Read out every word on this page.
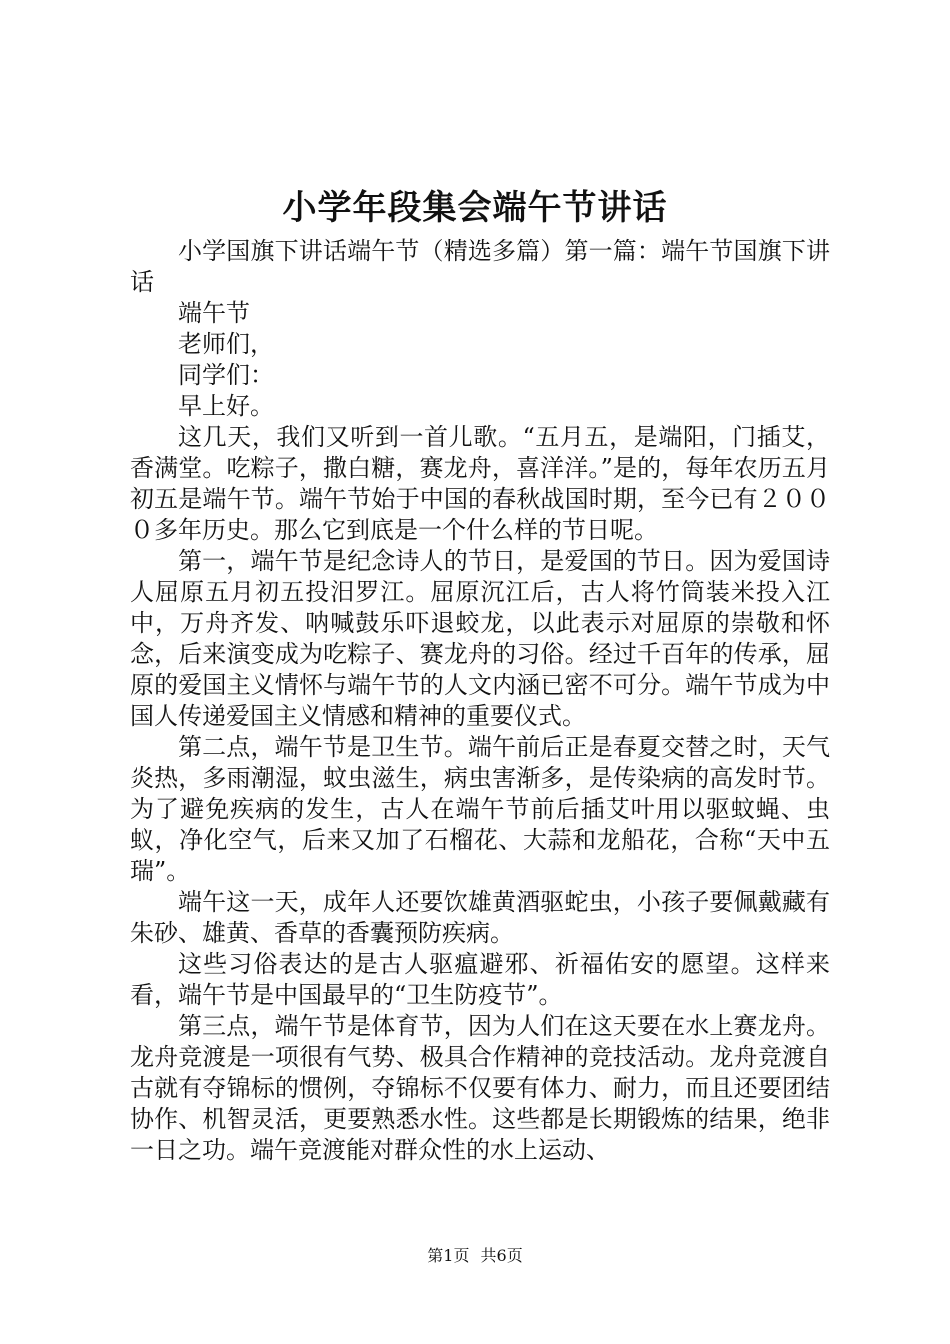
小学年段集会端午节讲话

小学国旗下讲话端午节（精选多篇）第一篇：端午节国旗下讲话

端午节

老师们，

同学们：

早上好。

这几天，我们又听到一首儿歌。“五月五，是端阳，门插艾，香满堂。吃粽子，撒白糖，赛龙舟，喜洋洋。”是的，每年农历五月初五是端午节。端午节始于中国的春秋战国时期，至今已有２０００多年历史。那么它到底是一个什么样的节日呢。

第一，端午节是纪念诗人的节日，是爱国的节日。因为爱国诗人屈原五月初五投汨罗江。屈原沉江后，古人将竹筒装米投入江中，万舟齐发、呐喊鼓乐吓退蛟龙，以此表示对屈原的崇敬和怀念，后来演变成为吃粽子、赛龙舟的习俗。经过千百年的传承，屈原的爱国主义情怀与端午节的人文内涵已密不可分。端午节成为中国人传递爱国主义情感和精神的重要仪式。

第二点，端午节是卫生节。端午前后正是春夏交替之时，天气炎热，多雨潮湿，蚊虫滋生，病虫害渐多，是传染病的高发时节。为了避免疾病的发生，古人在端午节前后插艾叶用以驱蚊蝇、虫蚁，净化空气，后来又加了石榴花、大蒜和龙船花，合称“天中五瑞”。

端午这一天，成年人还要饮雄黄酒驱蛇虫，小孩子要佩戴藏有朱砂、雄黄、香草的香囊预防疾病。

这些习俗表达的是古人驱瘟避邪、祈福佑安的愿望。这样来看，端午节是中国最早的“卫生防疫节”。

第三点，端午节是体育节，因为人们在这天要在水上赛龙舟。龙舟竞渡是一项很有气势、极具合作精神的竞技活动。龙舟竞渡自古就有夺锦标的惯例，夺锦标不仅要有体力、耐力，而且还要团结协作、机智灵活，更要熟悉水性。这些都是长期锻炼的结果，绝非一日之功。端午竞渡能对群众性的水上运动、

第1页 共6页
